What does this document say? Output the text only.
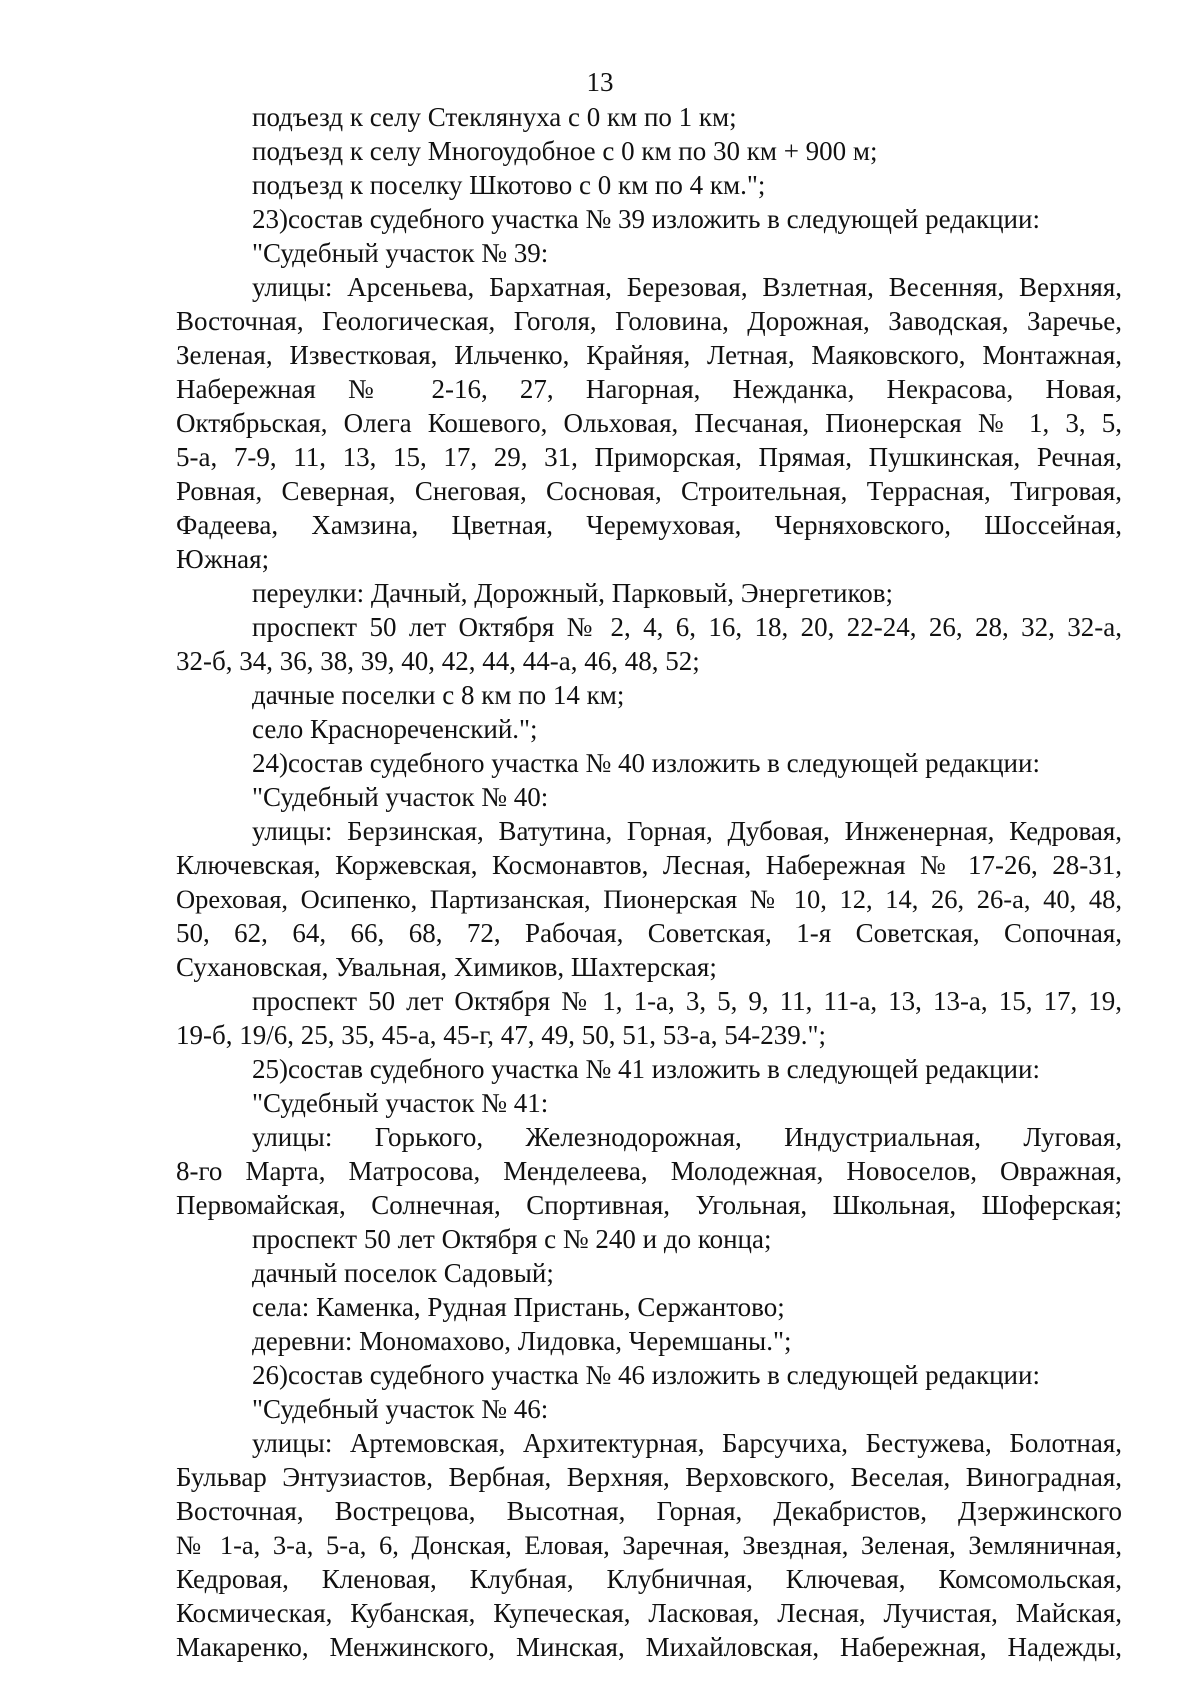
13
подъезд к селу Стеклянуха с 0 км по 1 км;
подъезд к селу Многоудобное с 0 км по 30 км + 900 м;
подъезд к поселку Шкотово с 0 км по 4 км.";
23)состав судебного участка № 39 изложить в следующей редакции:
"Судебный участок № 39:
улицы: Арсеньева, Бархатная, Березовая, Взлетная, Весенняя, Верхняя,
Восточная, Геологическая, Гоголя, Головина, Дорожная, Заводская, Заречье,
Зеленая, Известковая, Ильченко, Крайняя, Летная, Маяковского, Монтажная,
Набережная № 2-16, 27, Нагорная, Нежданка, Некрасова, Новая,
Октябрьская, Олега Кошевого, Ольховая, Песчаная, Пионерская № 1, 3, 5,
5-а, 7-9, 11, 13, 15, 17, 29, 31, Приморская, Прямая, Пушкинская, Речная,
Ровная, Северная, Снеговая, Сосновая, Строительная, Террасная, Тигровая,
Фадеева, Хамзина, Цветная, Черемуховая, Черняховского, Шоссейная,
Южная;
переулки: Дачный, Дорожный, Парковый, Энергетиков;
проспект 50 лет Октября № 2, 4, 6, 16, 18, 20, 22-24, 26, 28, 32, 32-а,
32-б, 34, 36, 38, 39, 40, 42, 44, 44-а, 46, 48, 52;
дачные поселки с 8 км по 14 км;
село Краснореченский.";
24)состав судебного участка № 40 изложить в следующей редакции:
"Судебный участок № 40:
улицы: Берзинская, Ватутина, Горная, Дубовая, Инженерная, Кедровая,
Ключевская, Коржевская, Космонавтов, Лесная, Набережная № 17-26, 28-31,
Ореховая, Осипенко, Партизанская, Пионерская № 10, 12, 14, 26, 26-а, 40, 48,
50, 62, 64, 66, 68, 72, Рабочая, Советская, 1-я Советская, Сопочная,
Сухановская, Увальная, Химиков, Шахтерская;
проспект 50 лет Октября № 1, 1-а, 3, 5, 9, 11, 11-а, 13, 13-а, 15, 17, 19,
19-б, 19/6, 25, 35, 45-а, 45-г, 47, 49, 50, 51, 53-а, 54-239.";
25)состав судебного участка № 41 изложить в следующей редакции:
"Судебный участок № 41:
улицы: Горького, Железнодорожная, Индустриальная, Луговая,
8-го Марта, Матросова, Менделеева, Молодежная, Новоселов, Овражная,
Первомайская, Солнечная, Спортивная, Угольная, Школьная, Шоферская;
проспект 50 лет Октября с № 240 и до конца;
дачный поселок Садовый;
села: Каменка, Рудная Пристань, Сержантово;
деревни: Мономахово, Лидовка, Черемшаны.";
26)состав судебного участка № 46 изложить в следующей редакции:
"Судебный участок № 46:
улицы: Артемовская, Архитектурная, Барсучиха, Бестужева, Болотная,
Бульвар Энтузиастов, Вербная, Верхняя, Верховского, Веселая, Виноградная,
Восточная, Вострецова, Высотная, Горная, Декабристов, Дзержинского
№ 1-а, 3-а, 5-а, 6, Донская, Еловая, Заречная, Звездная, Зеленая, Земляничная,
Кедровая, Кленовая, Клубная, Клубничная, Ключевая, Комсомольская,
Космическая, Кубанская, Купеческая, Ласковая, Лесная, Лучистая, Майская,
Макаренко, Менжинского, Минская, Михайловская, Набережная, Надежды,
